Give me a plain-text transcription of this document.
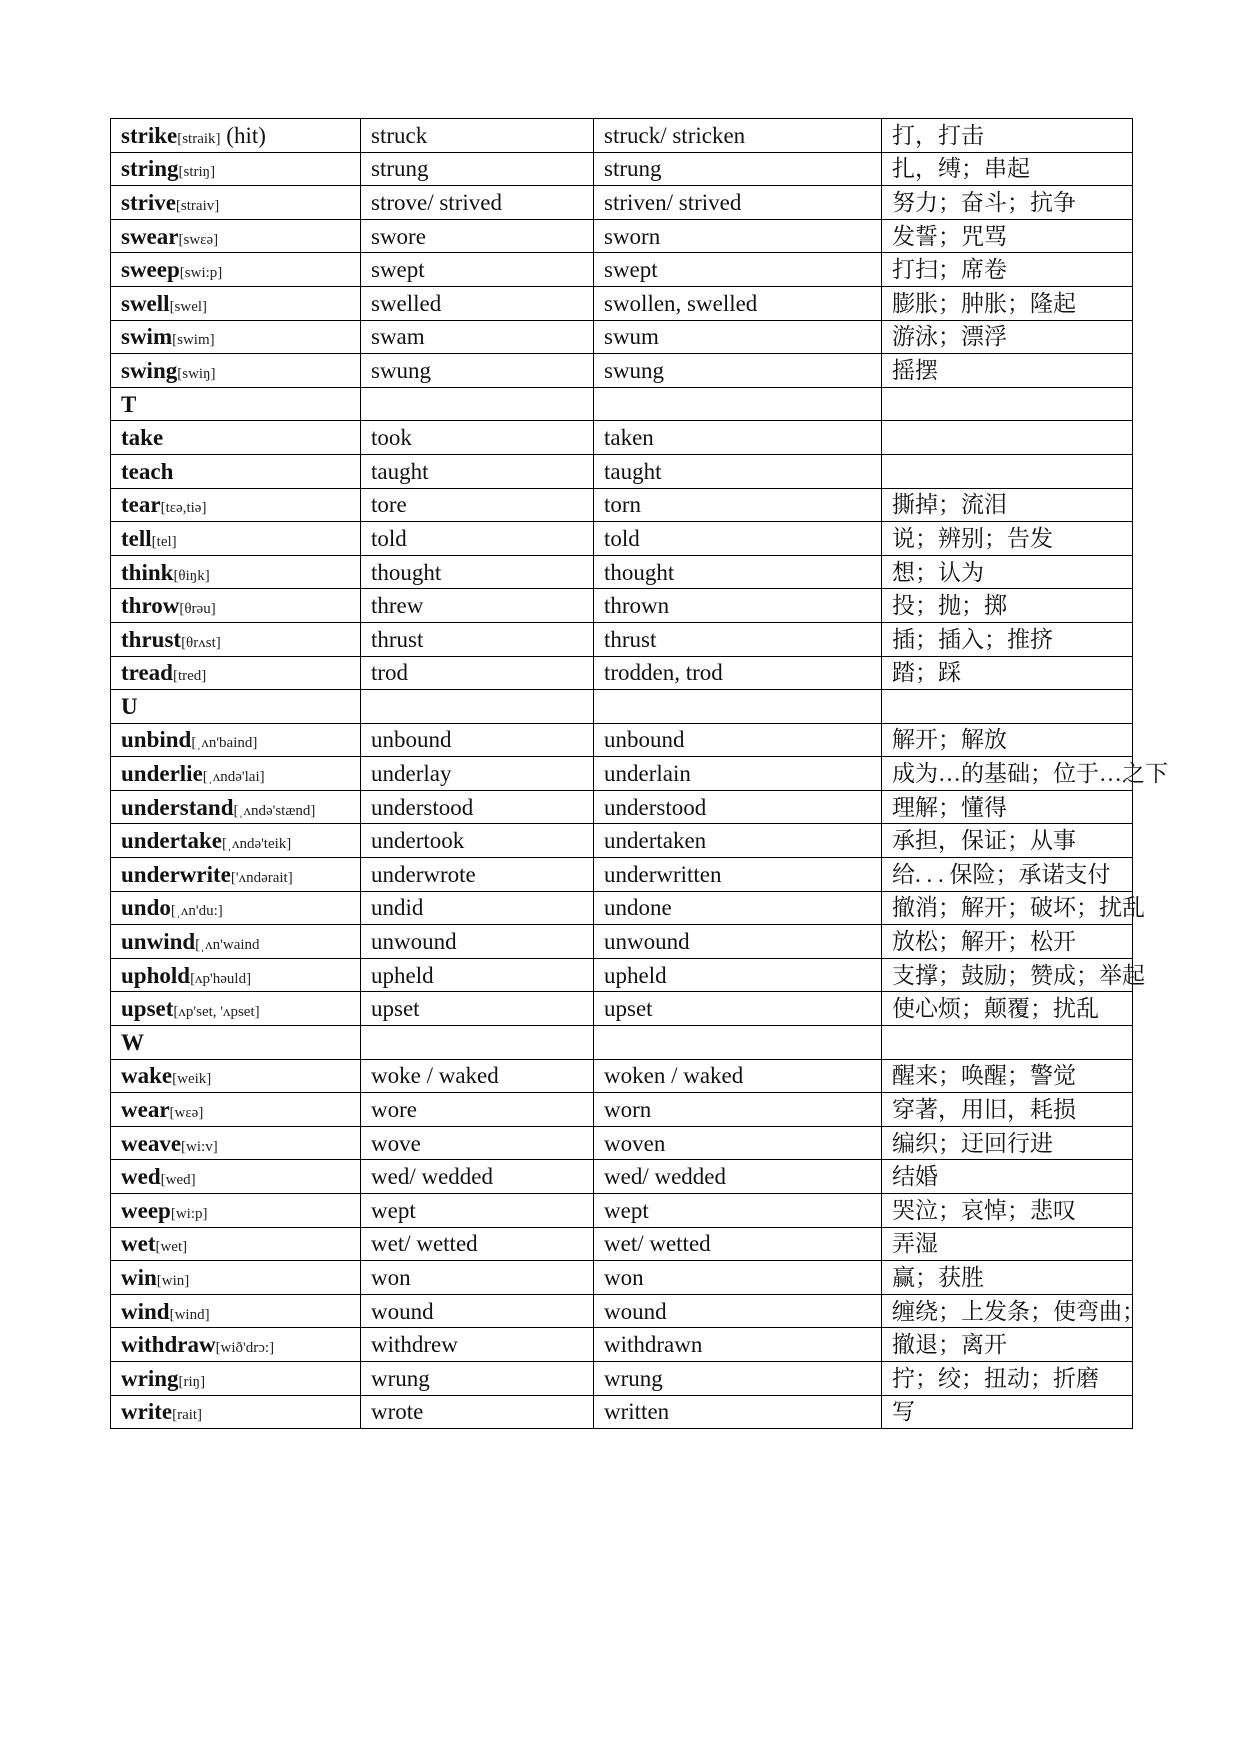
strike[straik] (hit)	struck	struck/ stricken	打，打击
string[striŋ]	strung	strung	扎，缚；串起
strive[straiv]	strove/ strived	striven/ strived	努力；奋斗；抗争
swear[swεə]	swore	sworn	发誓；咒骂
sweep[swi:p]	swept	swept	打扫；席卷
swell[swel]	swelled	swollen, swelled	膨胀；肿胀；隆起
swim[swim]	swam	swum	游泳；漂浮
swing[swiŋ]	swung	swung	摇摆
T			
take	took	taken	
teach	taught	taught	
tear[tεə,tiə]	tore	torn	撕掉；流泪
tell[tel]	told	told	说；辨别；告发
think[θiŋk]	thought	thought	想；认为
throw[θrəu]	threw	thrown	投；抛；掷
thrust[θrʌst]	thrust	thrust	插；插入；推挤
tread[tred]	trod	trodden, trod	踏；踩
U			
unbind[ˌʌn'baind]	unbound	unbound	解开；解放
underlie[ˌʌndə'lai]	underlay	underlain	成为…的基础；位于…之下
understand[ˌʌndə'stænd]	understood	understood	理解；懂得
undertake[ˌʌndə'teik]	undertook	undertaken	承担，保证；从事
underwrite['ʌndərait]	underwrote	underwritten	给. . . 保险；承诺支付
undo[ˌʌn'du:]	undid	undone	撤消；解开；破坏；扰乱
unwind[ˌʌn'waind	unwound	unwound	放松；解开；松开
uphold[ʌp'həuld]	upheld	upheld	支撑；鼓励；赞成；举起
upset[ʌp'set, 'ʌpset]	upset	upset	使心烦；颠覆；扰乱
W			
wake[weik]	woke / waked	woken / waked	醒来；唤醒；警觉
wear[wεə]	wore	worn	穿著，用旧，耗损
weave[wi:v]	wove	woven	编织；迂回行进
wed[wed]	wed/ wedded	wed/ wedded	结婚
weep[wi:p]	wept	wept	哭泣；哀悼；悲叹
wet[wet]	wet/ wetted	wet/ wetted	弄湿
win[win]	won	won	赢；获胜
wind[wind]	wound	wound	缠绕；上发条；使弯曲；
withdraw[wið'drɔ:]	withdrew	withdrawn	撤退；离开
wring[riŋ]	wrung	wrung	拧；绞；扭动；折磨
write[rait]	wrote	written	写
